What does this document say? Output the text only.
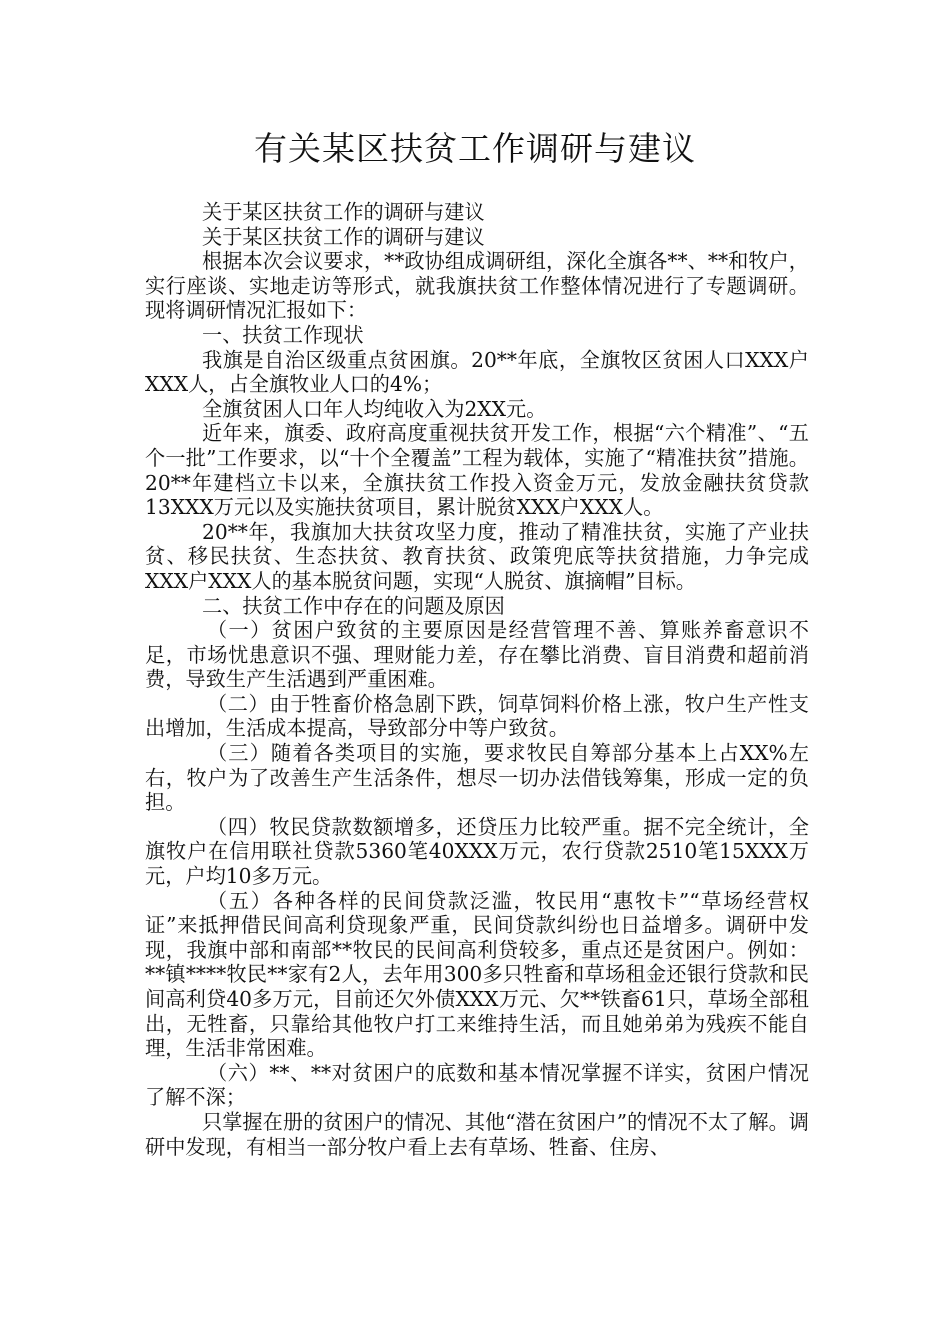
有关某区扶贫工作调研与建议

关于某区扶贫工作的调研与建议

关于某区扶贫工作的调研与建议

根据本次会议要求，**政协组成调研组，深化全旗各**、**和牧户，实行座谈、实地走访等形式，就我旗扶贫工作整体情况进行了专题调研。现将调研情况汇报如下：

一、扶贫工作现状

我旗是自治区级重点贫困旗。20**年底，全旗牧区贫困人口XXX户XXX人，占全旗牧业人口的4%；

全旗贫困人口年人均纯收入为2XX元。

近年来，旗委、政府高度重视扶贫开发工作，根据“六个精准”、“五个一批”工作要求，以“十个全覆盖”工程为载体，实施了“精准扶贫”措施。20**年建档立卡以来，全旗扶贫工作投入资金万元，发放金融扶贫贷款13XXX万元以及实施扶贫项目，累计脱贫XXX户XXX人。

20**年，我旗加大扶贫攻坚力度，推动了精准扶贫，实施了产业扶贫、移民扶贫、生态扶贫、教育扶贫、政策兜底等扶贫措施，力争完成XXX户XXX人的基本脱贫问题，实现“人脱贫、旗摘帽”目标。

二、扶贫工作中存在的问题及原因

（一）贫困户致贫的主要原因是经营管理不善、算账养畜意识不足，市场忧患意识不强、理财能力差，存在攀比消费、盲目消费和超前消费，导致生产生活遇到严重困难。

（二）由于牲畜价格急剧下跌，饲草饲料价格上涨，牧户生产性支出增加，生活成本提高，导致部分中等户致贫。

（三）随着各类项目的实施，要求牧民自筹部分基本上占XX%左右，牧户为了改善生产生活条件，想尽一切办法借钱筹集，形成一定的负担。

（四）牧民贷款数额增多，还贷压力比较严重。据不完全统计，全旗牧户在信用联社贷款5360笔40XXX万元，农行贷款2510笔15XXX万元，户均10多万元。

（五）各种各样的民间贷款泛滥，牧民用“惠牧卡”“草场经营权证”来抵押借民间高利贷现象严重，民间贷款纠纷也日益增多。调研中发现，我旗中部和南部**牧民的民间高利贷较多，重点还是贫困户。例如：**镇****牧民**家有2人，去年用300多只牲畜和草场租金还银行贷款和民间高利贷40多万元，目前还欠外债XXX万元、欠**铁畜61只，草场全部租出，无牲畜，只靠给其他牧户打工来维持生活，而且她弟弟为残疾不能自理，生活非常困难。

（六）**、**对贫困户的底数和基本情况掌握不详实，贫困户情况了解不深；

只掌握在册的贫困户的情况、其他“潜在贫困户”的情况不太了解。调研中发现，有相当一部分牧户看上去有草场、牲畜、住房、
